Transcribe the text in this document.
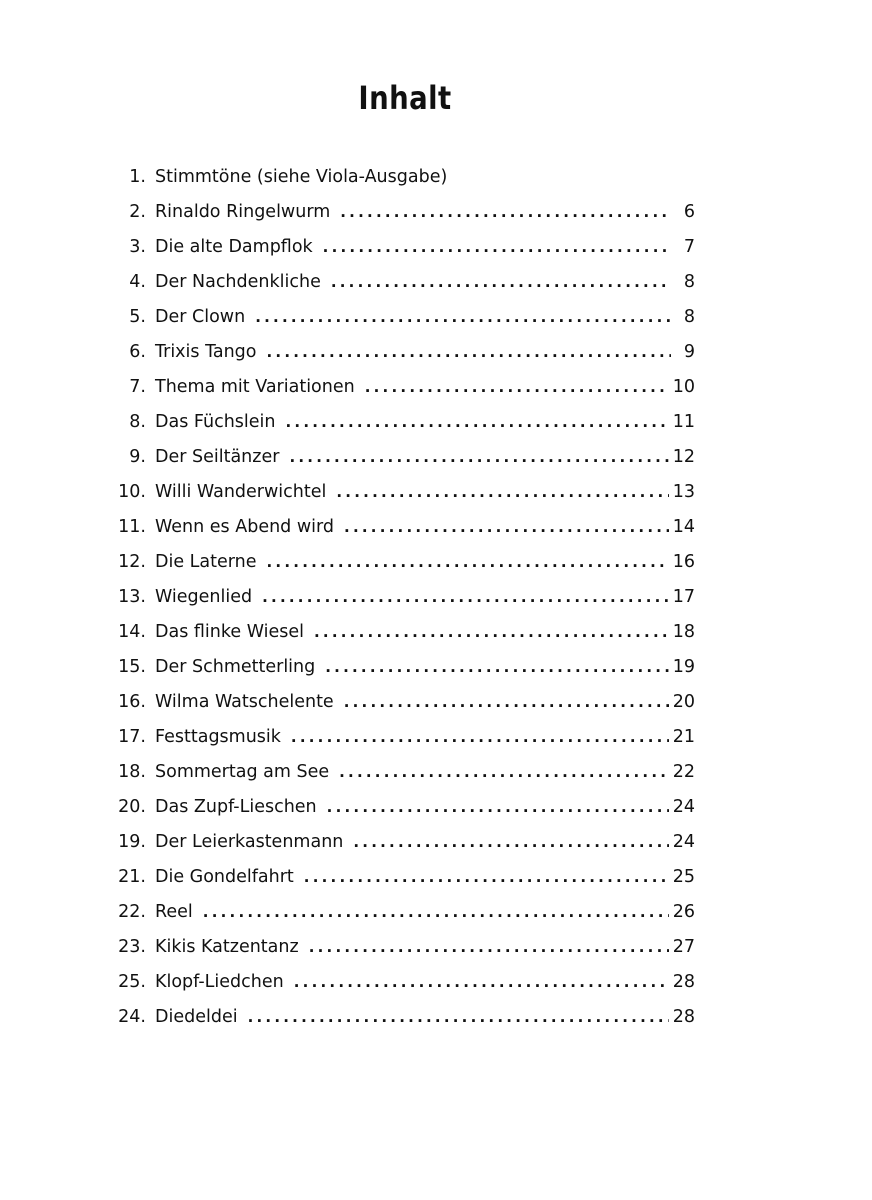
Inhalt
1. Stimmtöne (siehe Viola-Ausgabe)
2. Rinaldo Ringelwurm . . .	6
3. Die alte Dampflok . . .	7
4. Der Nachdenkliche . . .	8
5. Der Clown . . .	8
6. Trixis Tango . . .	9
7. Thema mit Variationen . . .	10
8. Das Füchslein . . .	11
9. Der Seiltänzer . . .	12
10. Willi Wanderwichtel . . .	13
11. Wenn es Abend wird . . .	14
12. Die Laterne . . .	16
13. Wiegenlied . . .	17
14. Das flinke Wiesel . . .	18
15. Der Schmetterling . . .	19
16. Wilma Watschelente . . .	20
17. Festtagsmusik . . .	21
18. Sommertag am See . . .	22
20. Das Zupf-Lieschen . . .	24
19. Der Leierkastenmann . . .	24
21. Die Gondelfahrt . . .	25
22. Reel . . .	26
23. Kikis Katzentanz . . .	27
25. Klopf-Liedchen . . .	28
24. Diedeldei . . .	28
